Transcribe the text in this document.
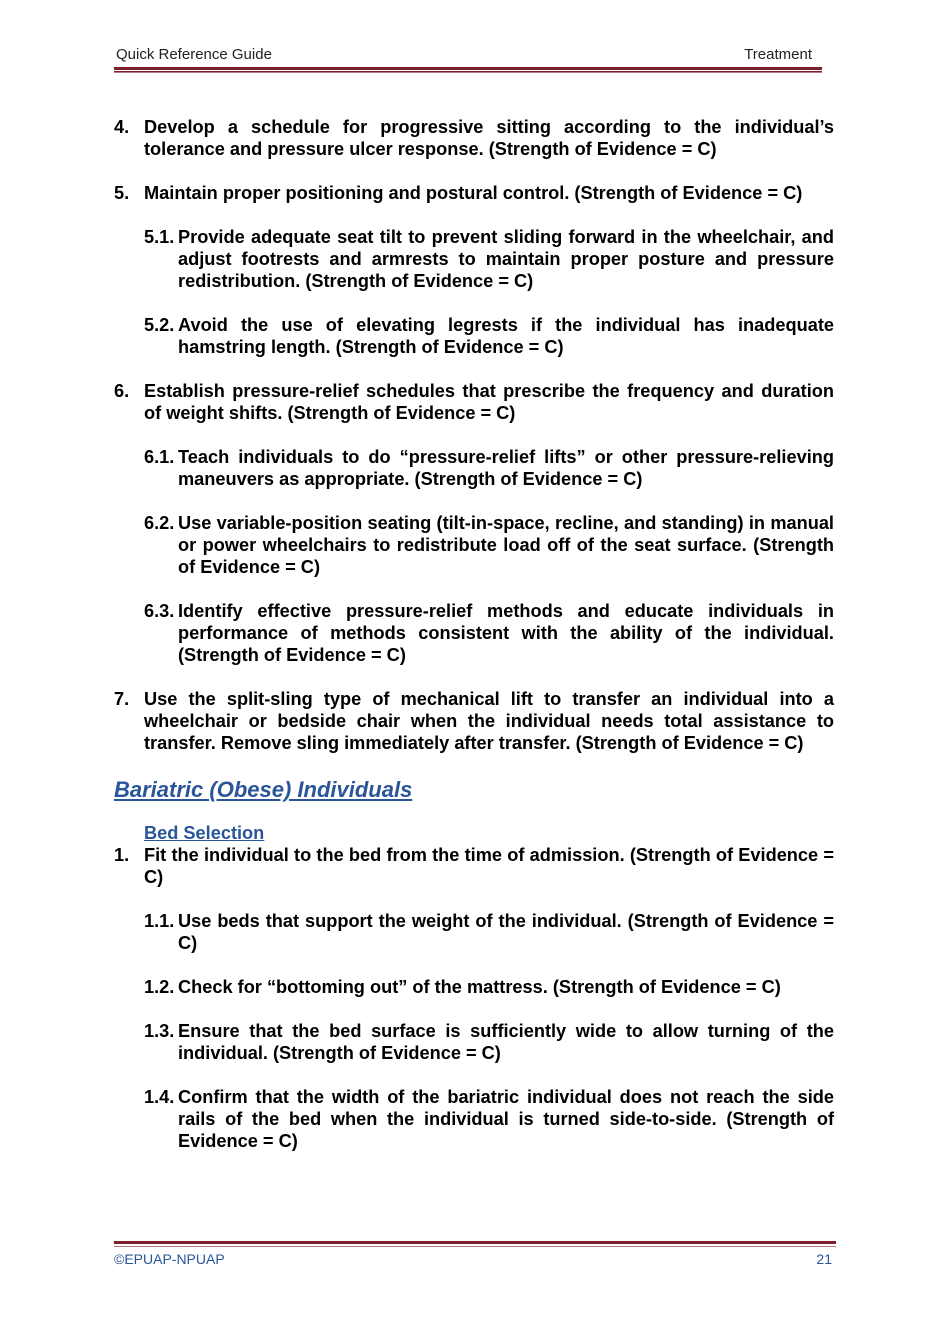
Quick Reference Guide	Treatment
4. Develop a schedule for progressive sitting according to the individual’s tolerance and pressure ulcer response. (Strength of Evidence = C)
5. Maintain proper positioning and postural control. (Strength of Evidence = C)
5.1. Provide adequate seat tilt to prevent sliding forward in the wheelchair, and adjust footrests and armrests to maintain proper posture and pressure redistribution. (Strength of Evidence = C)
5.2. Avoid the use of elevating legrests if the individual has inadequate hamstring length. (Strength of Evidence = C)
6. Establish pressure-relief schedules that prescribe the frequency and duration of weight shifts. (Strength of Evidence = C)
6.1. Teach individuals to do “pressure-relief lifts” or other pressure-relieving maneuvers as appropriate. (Strength of Evidence = C)
6.2. Use variable-position seating (tilt-in-space, recline, and standing) in manual or power wheelchairs to redistribute load off of the seat surface. (Strength of Evidence = C)
6.3. Identify effective pressure-relief methods and educate individuals in performance of methods consistent with the ability of the individual. (Strength of Evidence = C)
7. Use the split-sling type of mechanical lift to transfer an individual into a wheelchair or bedside chair when the individual needs total assistance to transfer. Remove sling immediately after transfer. (Strength of Evidence = C)
Bariatric (Obese) Individuals
Bed Selection
1. Fit the individual to the bed from the time of admission. (Strength of Evidence = C)
1.1. Use beds that support the weight of the individual. (Strength of Evidence = C)
1.2. Check for “bottoming out” of the mattress. (Strength of Evidence = C)
1.3. Ensure that the bed surface is sufficiently wide to allow turning of the individual. (Strength of Evidence = C)
1.4. Confirm that the width of the bariatric individual does not reach the side rails of the bed when the individual is turned side-to-side. (Strength of Evidence = C)
©EPUAP-NPUAP	21
